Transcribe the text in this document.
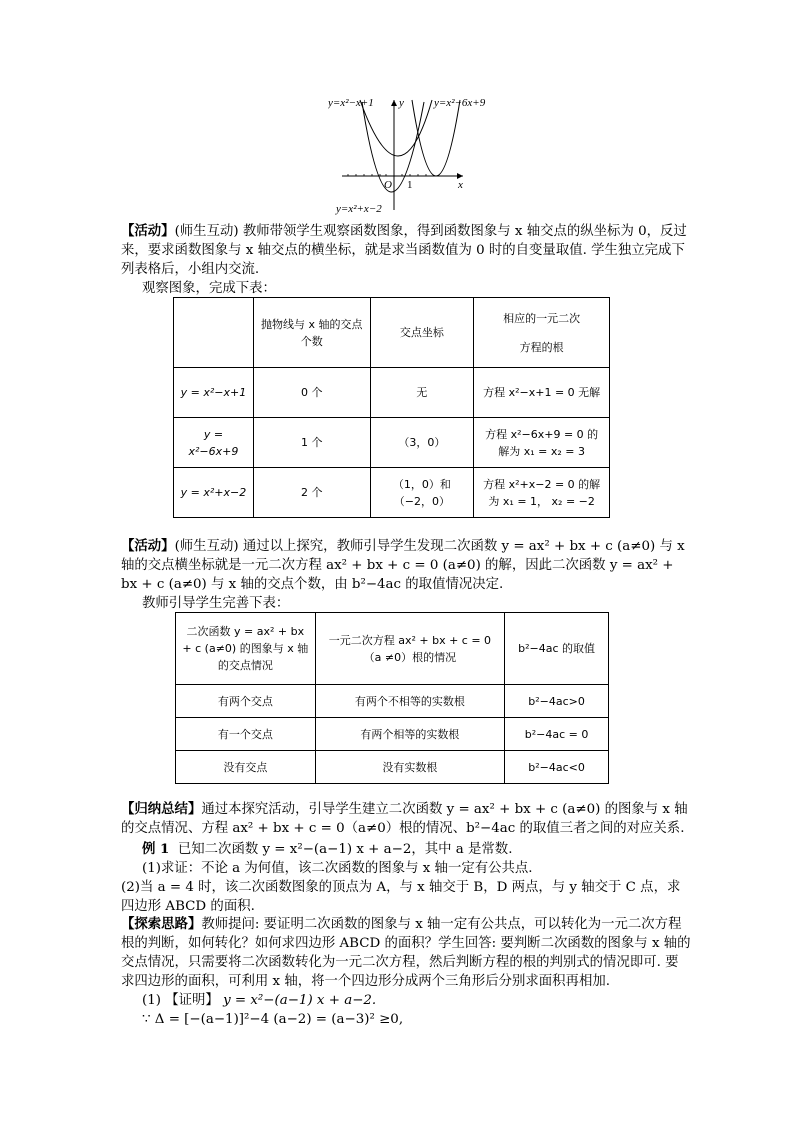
y=x²−x+1 y	y=x²−6x+9
O 1	x
y=x²+x−2
【活动】(师生互动) 教师带领学生观察函数图象，得到函数图象与 x 轴交点的纵坐标为 0，反过来，要求函数图象与 x 轴交点的横坐标，就是求当函数值为 0 时的自变量取值. 学生独立完成下列表格后，小组内交流.
观察图象，完成下表：
	抛物线与 x 轴的交点个数	交点坐标	相应的一元二次
方程的根

y = x²−x+1	0 个	无	方程 x²−x+1 = 0 无解
y = x²−6x+9	1 个	（3，0）	方程 x²−6x+9 = 0 的解为 x₁ = x₂ = 3
y = x²+x−2	2 个	（1，0）和（−2，0）	方程 x²+x−2 = 0 的解为 x₁ = 1， x₂ = −2
【活动】(师生互动) 通过以上探究，教师引导学生发现二次函数 y = ax² + bx + c (a≠0) 与 x 轴的交点横坐标就是一元二次方程 ax² + bx + c = 0 (a≠0) 的解，因此二次函数 y = ax² + bx + c (a≠0) 与 x 轴的交点个数，由 b²−4ac 的取值情况决定.
教师引导学生完善下表：
二次函数 y = ax² + bx + c (a≠0) 的图象与 x 轴的交点情况	一元二次方程 ax² + bx + c = 0（a ≠0）根的情况	b²−4ac 的取值
有两个交点	有两个不相等的实数根	b²−4ac>0
有一个交点	有两个相等的实数根	b²−4ac = 0
没有交点	没有实数根	b²−4ac<0
【归纳总结】通过本探究活动，引导学生建立二次函数 y = ax² + bx + c (a≠0) 的图象与 x 轴的交点情况、方程 ax² + bx + c = 0（a≠0）根的情况、b²−4ac 的取值三者之间的对应关系.
例 1 已知二次函数 y = x²−(a−1) x + a−2，其中 a 是常数.
(1)求证：不论 a 为何值，该二次函数的图象与 x 轴一定有公共点.
(2)当 a = 4 时，该二次函数图象的顶点为 A，与 x 轴交于 B，D 两点，与 y 轴交于 C 点，求四边形 ABCD 的面积.
【探索思路】教师提问: 要证明二次函数的图象与 x 轴一定有公共点，可以转化为一元二次方程根的判断，如何转化？如何求四边形 ABCD 的面积？学生回答: 要判断二次函数的图象与 x 轴的交点情况，只需要将二次函数转化为一元二次方程，然后判断方程的根的判别式的情况即可. 要求四边形的面积，可利用 x 轴，将一个四边形分成两个三角形后分别求面积再相加.
(1) 【证明】 y = x²−(a−1) x + a−2.
∵ Δ = [−(a−1)]²−4 (a−2) = (a−3)² ≥0,
